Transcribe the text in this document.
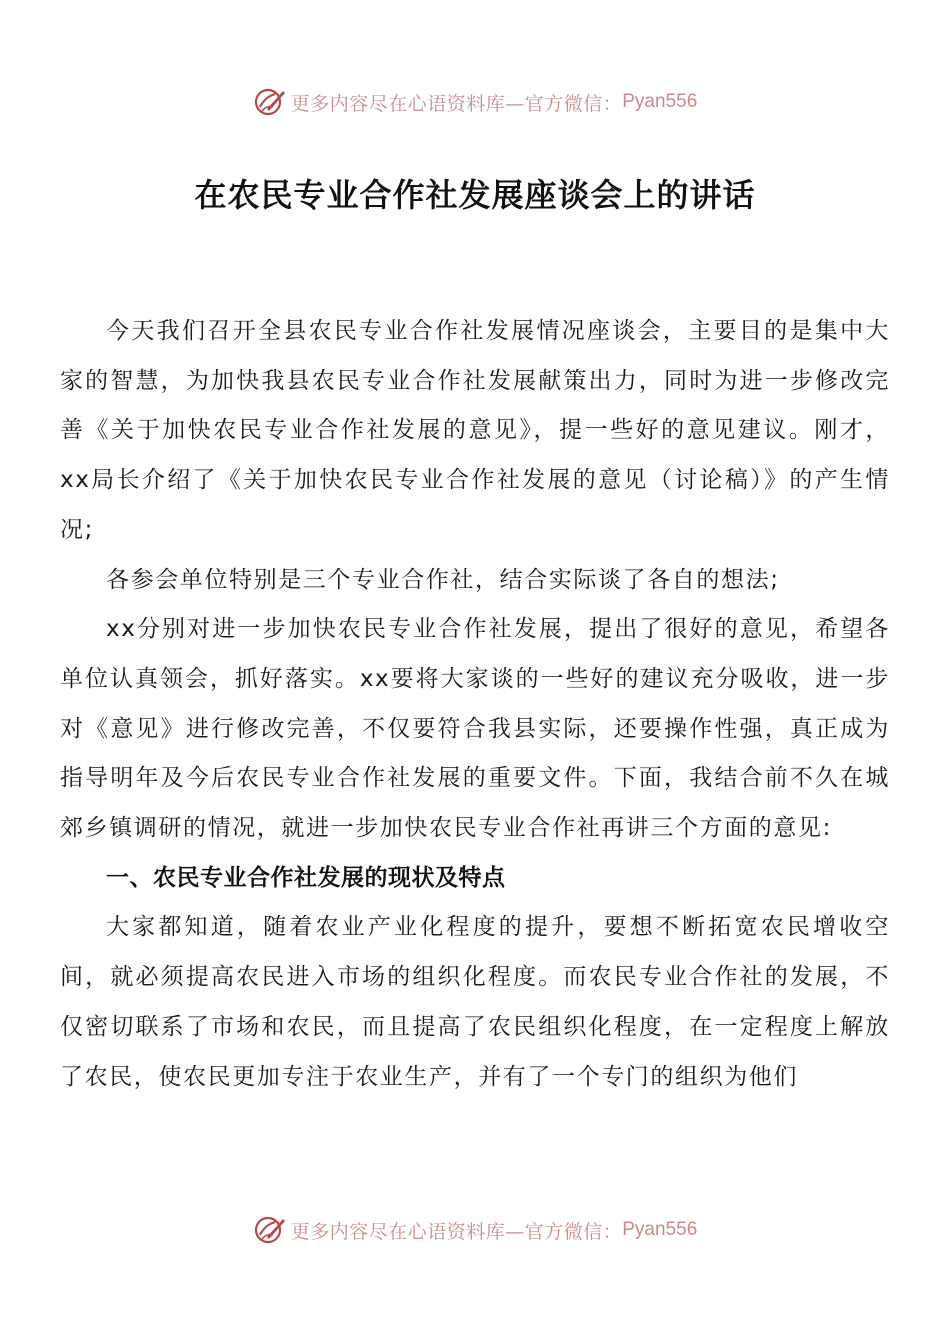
更多内容尽在心语资料库—官方微信： Pyan556
在农民专业合作社发展座谈会上的讲话

今天我们召开全县农民专业合作社发展情况座谈会，主要目的是集中大家的智慧，为加快我县农民专业合作社发展献策出力，同时为进一步修改完善《关于加快农民专业合作社发展的意见》，提一些好的意见建议。刚才，xx局长介绍了《关于加快农民专业合作社发展的意见（讨论稿）》的产生情况;

各参会单位特别是三个专业合作社，结合实际谈了各自的想法;

xx分别对进一步加快农民专业合作社发展，提出了很好的意见，希望各单位认真领会，抓好落实。xx要将大家谈的一些好的建议充分吸收，进一步对《意见》进行修改完善，不仅要符合我县实际，还要操作性强，真正成为指导明年及今后农民专业合作社发展的重要文件。下面，我结合前不久在城郊乡镇调研的情况，就进一步加快农民专业合作社再讲三个方面的意见:

一、农民专业合作社发展的现状及特点

大家都知道，随着农业产业化程度的提升，要想不断拓宽农民增收空间，就必须提高农民进入市场的组织化程度。而农民专业合作社的发展，不仅密切联系了市场和农民，而且提高了农民组织化程度，在一定程度上解放了农民，使农民更加专注于农业生产，并有了一个专门的组织为他们

更多内容尽在心语资料库—官方微信： Pyan556
